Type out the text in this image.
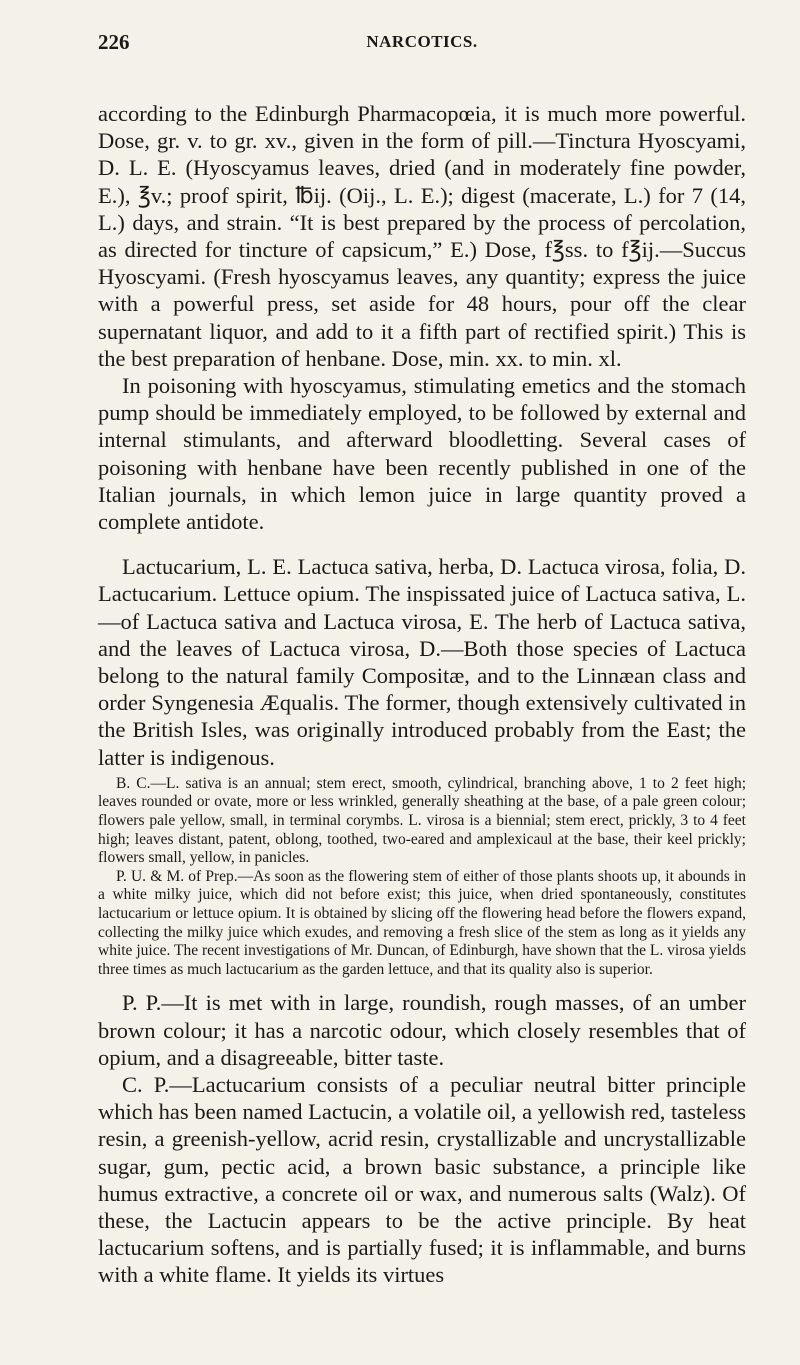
226	NARCOTICS.

according to the Edinburgh Pharmacopœia, it is much more powerful. Dose, gr. v. to gr. xv., given in the form of pill.—Tinctura Hyoscyami, D. L. E. (Hyoscyamus leaves, dried (and in moderately fine powder, E.), ℥v.; proof spirit, ℔ij. (Oij., L. E.); digest (macerate, L.) for 7 (14, L.) days, and strain. “It is best prepared by the process of percolation, as directed for tincture of capsicum,” E.) Dose, f℥ss. to f℥ij.—Succus Hyoscyami. (Fresh hyoscyamus leaves, any quantity; express the juice with a powerful press, set aside for 48 hours, pour off the clear supernatant liquor, and add to it a fifth part of rectified spirit.) This is the best preparation of henbane. Dose, min. xx. to min. xl.

In poisoning with hyoscyamus, stimulating emetics and the stomach pump should be immediately employed, to be followed by external and internal stimulants, and afterward bloodletting. Several cases of poisoning with henbane have been recently published in one of the Italian journals, in which lemon juice in large quantity proved a complete antidote.

Lactucarium, L. E. Lactuca sativa, herba, D. Lactuca virosa, folia, D. Lactucarium. Lettuce opium. The inspissated juice of Lactuca sativa, L.—of Lactuca sativa and Lactuca virosa, E. The herb of Lactuca sativa, and the leaves of Lactuca virosa, D.—Both those species of Lactuca belong to the natural family Compositæ, and to the Linnæan class and order Syngenesia Æqualis. The former, though extensively cultivated in the British Isles, was originally introduced probably from the East; the latter is indigenous.

B. C.—L. sativa is an annual; stem erect, smooth, cylindrical, branching above, 1 to 2 feet high; leaves rounded or ovate, more or less wrinkled, generally sheathing at the base, of a pale green colour; flowers pale yellow, small, in terminal corymbs. L. virosa is a biennial; stem erect, prickly, 3 to 4 feet high; leaves distant, patent, oblong, toothed, two-eared and amplexicaul at the base, their keel prickly; flowers small, yellow, in panicles.

P. U. & M. of Prep.—As soon as the flowering stem of either of those plants shoots up, it abounds in a white milky juice, which did not before exist; this juice, when dried spontaneously, constitutes lactucarium or lettuce opium. It is obtained by slicing off the flowering head before the flowers expand, collecting the milky juice which exudes, and removing a fresh slice of the stem as long as it yields any white juice. The recent investigations of Mr. Duncan, of Edinburgh, have shown that the L. virosa yields three times as much lactucarium as the garden lettuce, and that its quality also is superior.

P. P.—It is met with in large, roundish, rough masses, of an umber brown colour; it has a narcotic odour, which closely resembles that of opium, and a disagreeable, bitter taste.

C. P.—Lactucarium consists of a peculiar neutral bitter principle which has been named Lactucin, a volatile oil, a yellowish red, tasteless resin, a greenish-yellow, acrid resin, crystallizable and uncrystallizable sugar, gum, pectic acid, a brown basic substance, a principle like humus extractive, a concrete oil or wax, and numerous salts (Walz). Of these, the Lactucin appears to be the active principle. By heat lactucarium softens, and is partially fused; it is inflammable, and burns with a white flame. It yields its virtues
